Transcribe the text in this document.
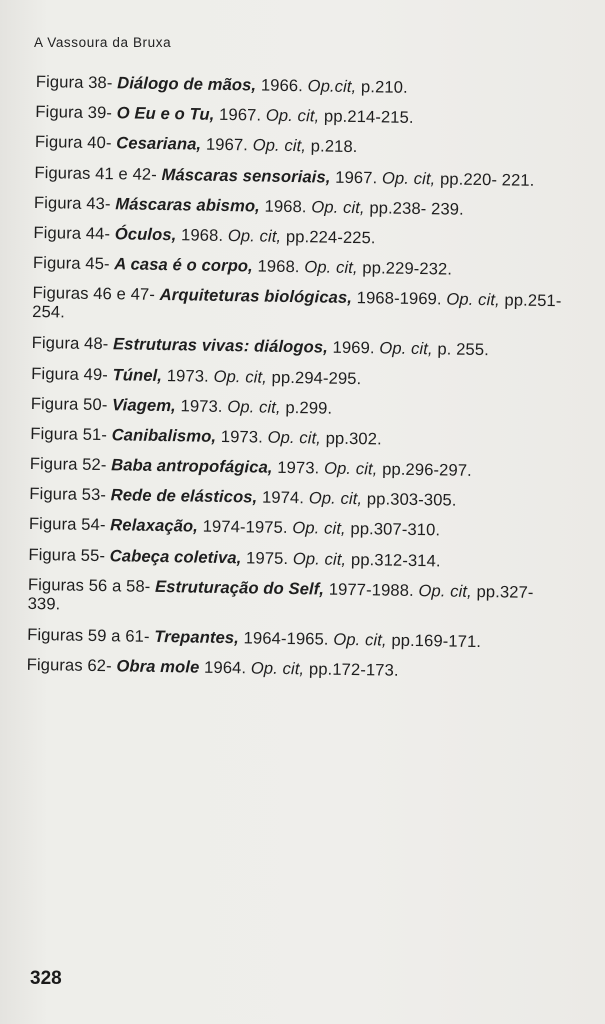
A Vassoura da Bruxa
Figura 38- Diálogo de mãos, 1966. Op.cit, p.210.
Figura 39- O Eu e o Tu, 1967. Op. cit, pp.214-215.
Figura 40- Cesariana, 1967. Op. cit, p.218.
Figuras 41 e 42- Máscaras sensoriais, 1967. Op. cit, pp.220- 221.
Figura 43- Máscaras abismo, 1968. Op. cit, pp.238- 239.
Figura 44- Óculos, 1968. Op. cit, pp.224-225.
Figura 45- A casa é o corpo, 1968. Op. cit, pp.229-232.
Figuras 46 e 47- Arquiteturas biológicas, 1968-1969. Op. cit, pp.251-254.
Figura 48- Estruturas vivas: diálogos, 1969. Op. cit, p. 255.
Figura 49- Túnel, 1973. Op. cit, pp.294-295.
Figura 50- Viagem, 1973. Op. cit, p.299.
Figura 51- Canibalismo, 1973. Op. cit, pp.302.
Figura 52- Baba antropofágica, 1973. Op. cit, pp.296-297.
Figura 53- Rede de elásticos, 1974. Op. cit, pp.303-305.
Figura 54- Relaxação, 1974-1975. Op. cit, pp.307-310.
Figura 55- Cabeça coletiva, 1975. Op. cit, pp.312-314.
Figuras 56 a 58- Estruturação do Self, 1977-1988. Op. cit, pp.327-339.
Figuras 59 a 61- Trepantes, 1964-1965. Op. cit, pp.169-171.
Figuras 62- Obra mole 1964. Op. cit, pp.172-173.
328
